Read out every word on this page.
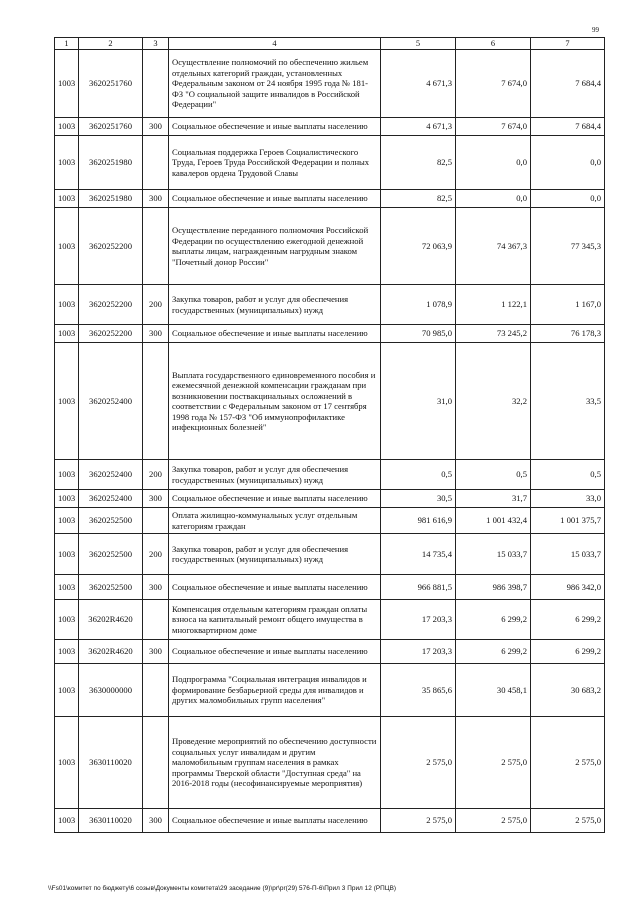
99
1	2	3	4	5	6	7
1003	3620251760		Осуществление полномочий по обеспечению жильем отдельных категорий граждан, установленных Федеральным законом от 24 ноября 1995 года № 181-ФЗ "О социальной защите инвалидов в Российской Федерации"	4 671,3	7 674,0	7 684,4
1003	3620251760	300	Социальное обеспечение и иные выплаты населению	4 671,3	7 674,0	7 684,4
1003	3620251980		Социальная поддержка Героев Социалистического Труда, Героев Труда Российской Федерации и полных кавалеров ордена Трудовой Славы	82,5	0,0	0,0
1003	3620251980	300	Социальное обеспечение и иные выплаты населению	82,5	0,0	0,0
1003	3620252200		Осуществление переданного полномочия Российской Федерации по осуществлению ежегодной денежной выплаты лицам, награжденным нагрудным знаком "Почетный донор России"	72 063,9	74 367,3	77 345,3
1003	3620252200	200	Закупка товаров, работ и услуг для обеспечения государственных (муниципальных) нужд	1 078,9	1 122,1	1 167,0
1003	3620252200	300	Социальное обеспечение и иные выплаты населению	70 985,0	73 245,2	76 178,3
1003	3620252400		Выплата государственного единовременного пособия и ежемесячной денежной компенсации гражданам при возникновении поствакцинальных осложнений в соответствии с Федеральным законом от 17 сентября 1998 года № 157-ФЗ "Об иммунопрофилактике инфекционных болезней"	31,0	32,2	33,5
1003	3620252400	200	Закупка товаров, работ и услуг для обеспечения государственных (муниципальных) нужд	0,5	0,5	0,5
1003	3620252400	300	Социальное обеспечение и иные выплаты населению	30,5	31,7	33,0
1003	3620252500		Оплата жилищно-коммунальных услуг отдельным категориям граждан	981 616,9	1 001 432,4	1 001 375,7
1003	3620252500	200	Закупка товаров, работ и услуг для обеспечения государственных (муниципальных) нужд	14 735,4	15 033,7	15 033,7
1003	3620252500	300	Социальное обеспечение и иные выплаты населению	966 881,5	986 398,7	986 342,0
1003	36202R4620		Компенсация отдельным категориям граждан оплаты взноса на капитальный ремонт общего имущества в многоквартирном доме	17 203,3	6 299,2	6 299,2
1003	36202R4620	300	Социальное обеспечение и иные выплаты населению	17 203,3	6 299,2	6 299,2
1003	3630000000		Подпрограмма "Социальная интеграция инвалидов и формирование безбарьерной среды для инвалидов и других маломобильных групп населения"	35 865,6	30 458,1	30 683,2
1003	3630110020		Проведение мероприятий по обеспечению доступности социальных услуг инвалидам и другим маломобильным группам населения в рамках программы Тверской области "Доступная среда" на 2016-2018 годы (несофинансируемые мероприятия)	2 575,0	2 575,0	2 575,0
1003	3630110020	300	Социальное обеспечение и иные выплаты населению	2 575,0	2 575,0	2 575,0
\\Fs01\комитет по бюджету\6 созыв\Документы комитета\29 заседание (9)\pr\pr(29) 576-П-6\Прил 3 Прил 12 (РПЦВ)
